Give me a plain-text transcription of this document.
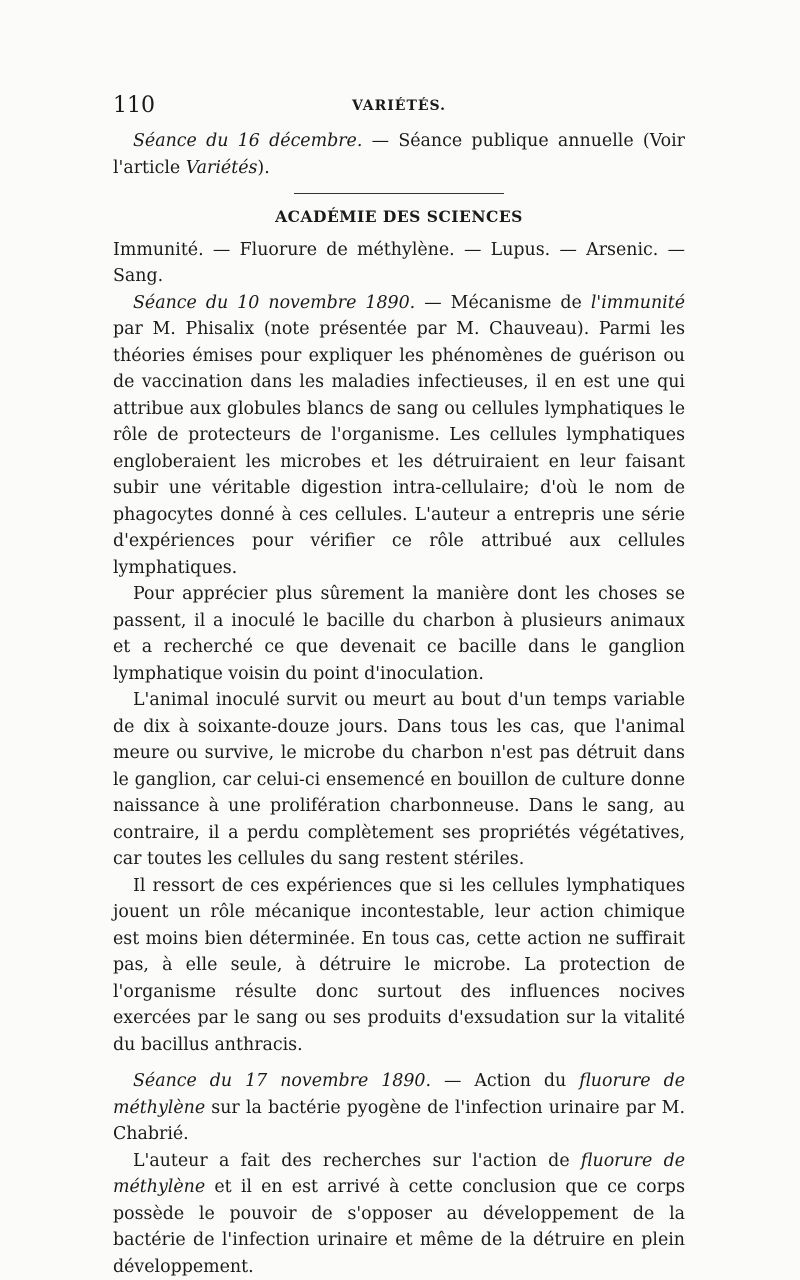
110	VARIÉTÉS.

Séance du 16 décembre. — Séance publique annuelle (Voir l'article Variétés).

ACADÉMIE DES SCIENCES

Immunité. — Fluorure de méthylène. — Lupus. — Arsenic. — Sang.

Séance du 10 novembre 1890. — Mécanisme de l'immunité par M. Phisalix (note présentée par M. Chauveau). Parmi les théories émises pour expliquer les phénomènes de guérison ou de vaccination dans les maladies infectieuses, il en est une qui attribue aux globules blancs de sang ou cellules lymphatiques le rôle de protecteurs de l'organisme. Les cellules lymphatiques engloberaient les microbes et les détruiraient en leur faisant subir une véritable digestion intra-cellulaire; d'où le nom de phagocytes donné à ces cellules. L'auteur a entrepris une série d'expériences pour vérifier ce rôle attribué aux cellules lymphatiques.

Pour apprécier plus sûrement la manière dont les choses se passent, il a inoculé le bacille du charbon à plusieurs animaux et a recherché ce que devenait ce bacille dans le ganglion lymphatique voisin du point d'inoculation.

L'animal inoculé survit ou meurt au bout d'un temps variable de dix à soixante-douze jours. Dans tous les cas, que l'animal meure ou survive, le microbe du charbon n'est pas détruit dans le ganglion, car celui-ci ensemencé en bouillon de culture donne naissance à une prolifération charbonneuse. Dans le sang, au contraire, il a perdu complètement ses propriétés végétatives, car toutes les cellules du sang restent stériles.

Il ressort de ces expériences que si les cellules lymphatiques jouent un rôle mécanique incontestable, leur action chimique est moins bien déterminée. En tous cas, cette action ne suffirait pas, à elle seule, à détruire le microbe. La protection de l'organisme résulte donc surtout des influences nocives exercées par le sang ou ses produits d'exsudation sur la vitalité du bacillus anthracis.

Séance du 17 novembre 1890. — Action du fluorure de méthylène sur la bactérie pyogène de l'infection urinaire par M. Chabrié.

L'auteur a fait des recherches sur l'action de fluorure de méthylène et il en est arrivé à cette conclusion que ce corps possède le pouvoir de s'opposer au développement de la bactérie de l'infection urinaire et même de la détruire en plein développement.
